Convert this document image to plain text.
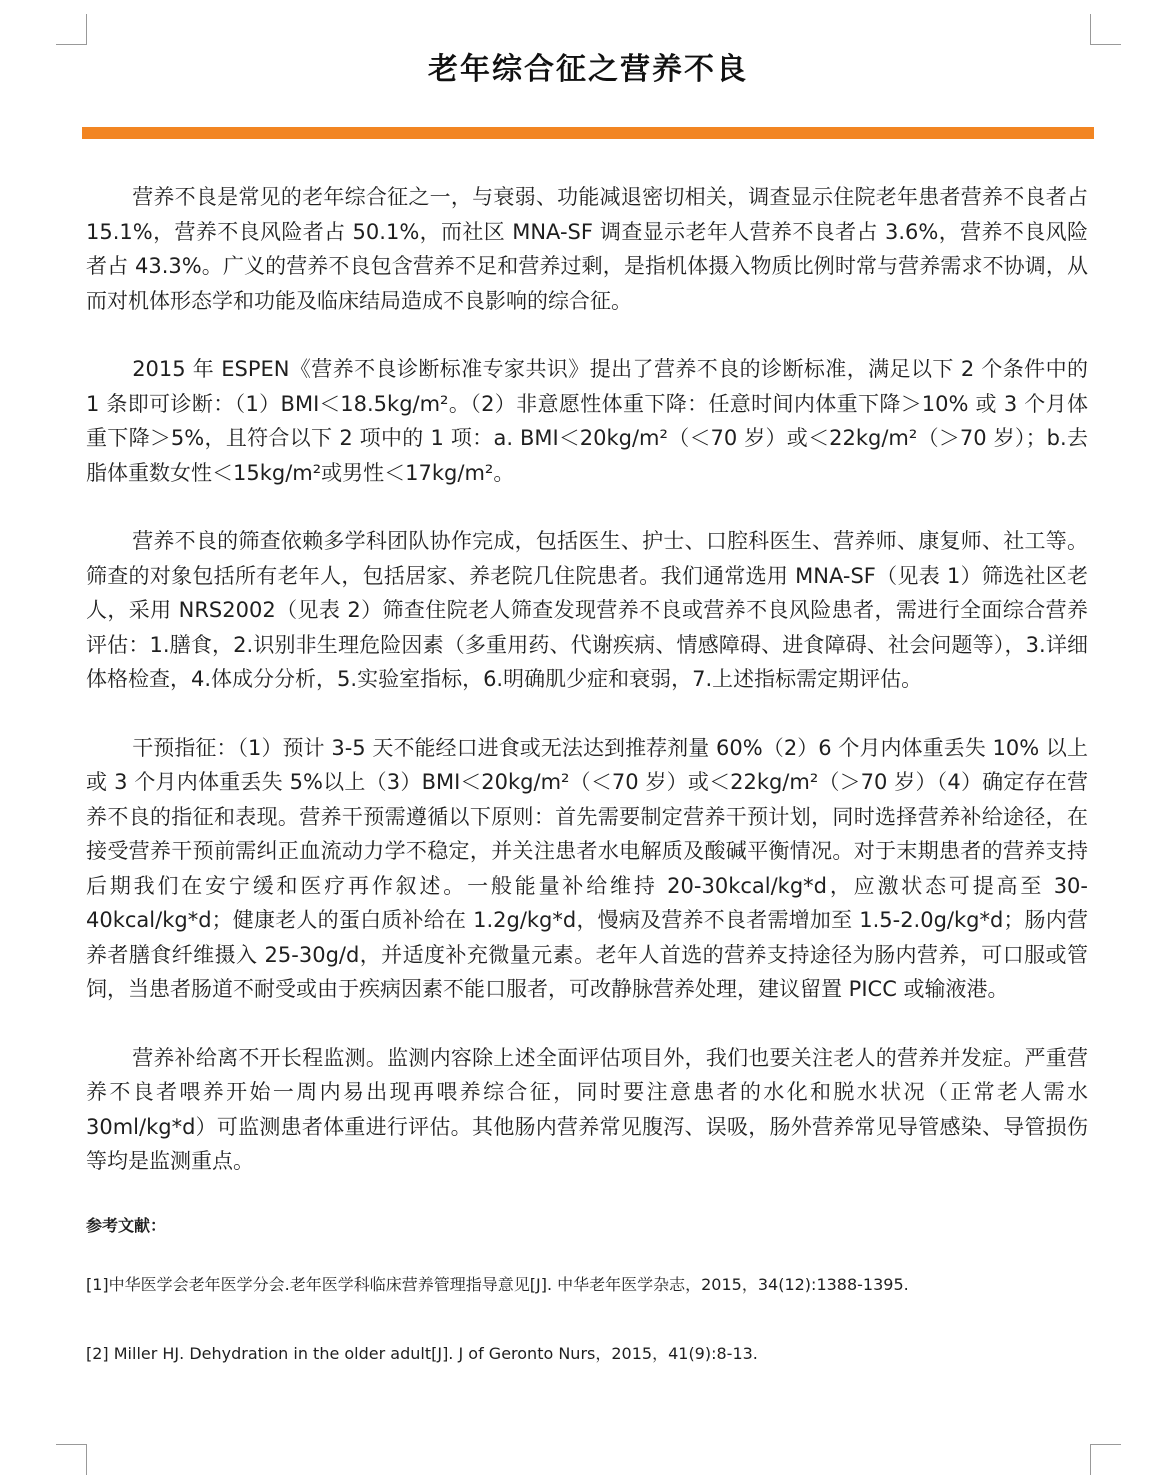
老年综合征之营养不良

营养不良是常见的老年综合征之一，与衰弱、功能减退密切相关，调查显示住院老年患者营养不良者占 15.1%，营养不良风险者占 50.1%，而社区 MNA-SF 调查显示老年人营养不良者占 3.6%，营养不良风险者占 43.3%。广义的营养不良包含营养不足和营养过剩，是指机体摄入物质比例时常与营养需求不协调，从而对机体形态学和功能及临床结局造成不良影响的综合征。

2015 年 ESPEN《营养不良诊断标准专家共识》提出了营养不良的诊断标准，满足以下 2 个条件中的 1 条即可诊断：（1）BMI＜18.5kg/m²。（2）非意愿性体重下降：任意时间内体重下降＞10% 或 3 个月体重下降＞5%，且符合以下 2 项中的 1 项：a. BMI＜20kg/m²（＜70 岁）或＜22kg/m²（＞70 岁）；b.去脂体重数女性＜15kg/m²或男性＜17kg/m²。

营养不良的筛查依赖多学科团队协作完成，包括医生、护士、口腔科医生、营养师、康复师、社工等。筛查的对象包括所有老年人，包括居家、养老院几住院患者。我们通常选用 MNA-SF（见表 1）筛选社区老人，采用 NRS2002（见表 2）筛查住院老人筛查发现营养不良或营养不良风险患者，需进行全面综合营养评估：1.膳食，2.识别非生理危险因素（多重用药、代谢疾病、情感障碍、进食障碍、社会问题等），3.详细体格检查，4.体成分分析，5.实验室指标，6.明确肌少症和衰弱，7.上述指标需定期评估。

干预指征：（1）预计 3-5 天不能经口进食或无法达到推荐剂量 60%（2）6 个月内体重丢失 10% 以上或 3 个月内体重丢失 5%以上（3）BMI＜20kg/m²（＜70 岁）或＜22kg/m²（＞70 岁）（4）确定存在营养不良的指征和表现。营养干预需遵循以下原则：首先需要制定营养干预计划，同时选择营养补给途径，在接受营养干预前需纠正血流动力学不稳定，并关注患者水电解质及酸碱平衡情况。对于末期患者的营养支持后期我们在安宁缓和医疗再作叙述。一般能量补给维持 20-30kcal/kg*d，应激状态可提高至 30-40kcal/kg*d；健康老人的蛋白质补给在 1.2g/kg*d，慢病及营养不良者需增加至 1.5-2.0g/kg*d；肠内营养者膳食纤维摄入 25-30g/d，并适度补充微量元素。老年人首选的营养支持途径为肠内营养，可口服或管饲，当患者肠道不耐受或由于疾病因素不能口服者，可改静脉营养处理，建议留置 PICC 或输液港。

营养补给离不开长程监测。监测内容除上述全面评估项目外，我们也要关注老人的营养并发症。严重营养不良者喂养开始一周内易出现再喂养综合征，同时要注意患者的水化和脱水状况（正常老人需水 30ml/kg*d）可监测患者体重进行评估。其他肠内营养常见腹泻、误吸，肠外营养常见导管感染、导管损伤等均是监测重点。

参考文献：
[1]中华医学会老年医学分会.老年医学科临床营养管理指导意见[J]. 中华老年医学杂志，2015，34(12):1388-1395.
[2] Miller HJ. Dehydration in the older adult[J]. J of Geronto Nurs，2015，41(9):8-13.
